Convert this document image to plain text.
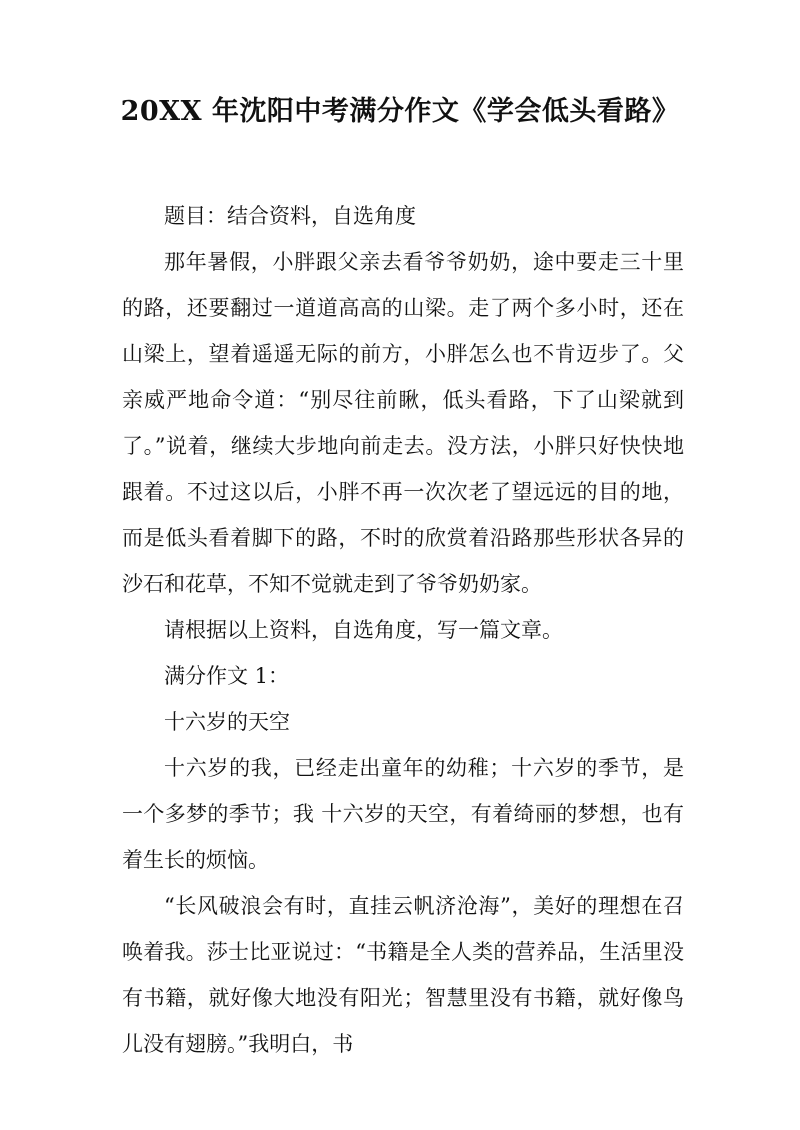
20XX 年沈阳中考满分作文《学会低头看路》

题目：结合资料，自选角度

那年暑假，小胖跟父亲去看爷爷奶奶，途中要走三十里的路，还要翻过一道道高高的山梁。走了两个多小时，还在山梁上，望着遥遥无际的前方，小胖怎么也不肯迈步了。父亲威严地命令道：“别尽往前瞅，低头看路，下了山梁就到了。”说着，继续大步地向前走去。没方法，小胖只好快快地跟着。不过这以后，小胖不再一次次老了望远远的目的地，而是低头看着脚下的路，不时的欣赏着沿路那些形状各异的沙石和花草，不知不觉就走到了爷爷奶奶家。

请根据以上资料，自选角度，写一篇文章。

满分作文 1：

十六岁的天空

十六岁的我，已经走出童年的幼稚；十六岁的季节，是一个多梦的季节；我 十六岁的天空，有着绮丽的梦想，也有着生长的烦恼。

“长风破浪会有时，直挂云帆济沧海”，美好的理想在召唤着我。莎士比亚说过：“书籍是全人类的营养品，生活里没有书籍，就好像大地没有阳光；智慧里没有书籍，就好像鸟儿没有翅膀。”我明白，书
